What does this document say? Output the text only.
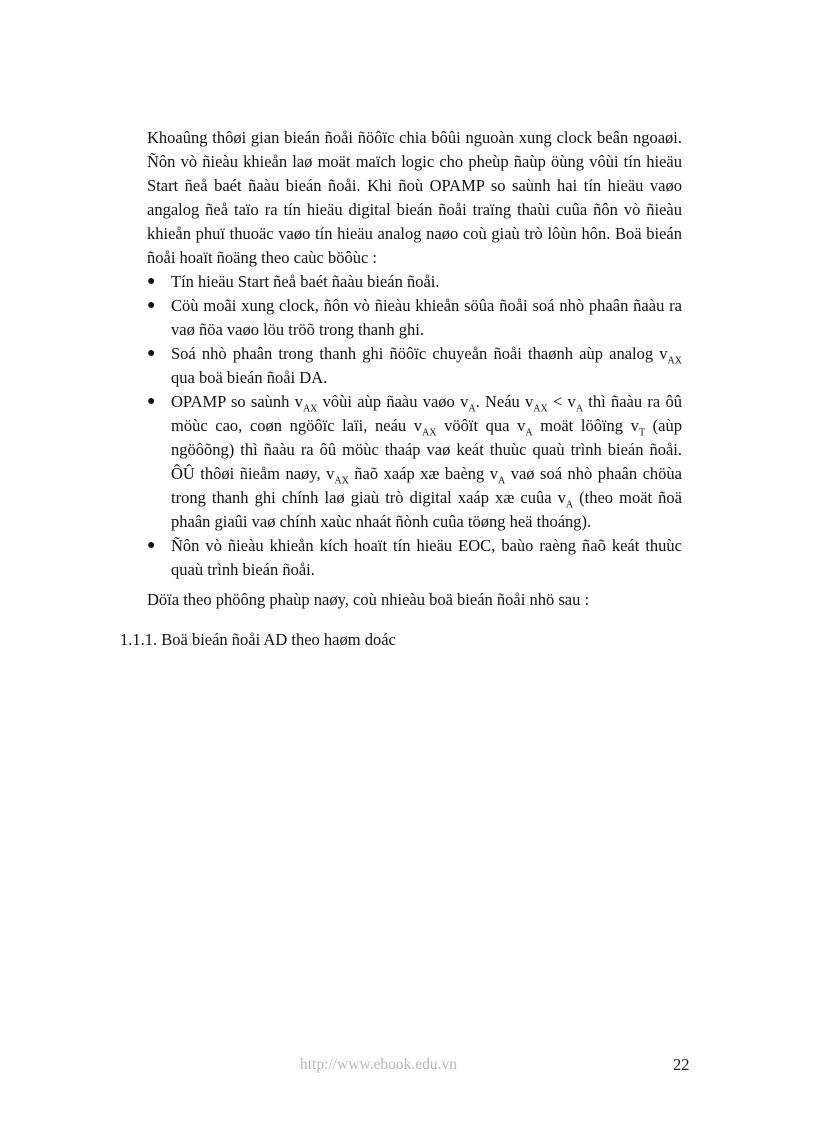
Khoaûng thôøi gian bieán ñoåi ñöôïc chia bôûi nguoàn xung clock beân ngoaøi. Ñôn vò ñieàu khieån laø moät maïch logic cho pheùp ñaùp öùng vôùi tín hieäu Start ñeå baét ñaàu bieán ñoåi. Khi ñoù OPAMP so saùnh hai tín hieäu vaøo angalog ñeå taïo ra tín hieäu digital bieán ñoåi traïng thaùi cuûa ñôn vò ñieàu khieån phuï thuoäc vaøo tín hieäu analog naøo coù giaù trò lôùn hôn. Boä bieán ñoåi hoaït ñoäng theo caùc böôùc :

● Tín hieäu Start ñeå baét ñaàu bieán ñoåi.
● Cöù moãi xung clock, ñôn vò ñieàu khieån söûa ñoåi soá nhò phaân ñaàu ra vaø ñöa vaøo löu tröõ trong thanh ghi.
● Soá nhò phaân trong thanh ghi ñöôïc chuyeån ñoåi thaønh aùp analog $v_{AX}$ qua boä bieán ñoåi DA.
● OPAMP so saùnh $v_{AX}$ vôùi aùp ñaàu vaøo $v_A$. Neáu $v_{AX} < v_A$ thì ñaàu ra ôû möùc cao, coøn ngöôïc laïi, neáu $v_{AX}$ vöôït qua $v_A$ moät löôïng $v_T$ (aùp ngöôõng) thì ñaàu ra ôû möùc thaáp vaø keát thuùc quaù trình bieán ñoåi. ÔÛ thôøi ñieåm naøy, $v_{AX}$ ñaõ xaáp xæ baèng $v_A$ vaø soá nhò phaân chöùa trong thanh ghi chính laø giaù trò digital xaáp xæ cuûa $v_A$ (theo moät ñoä phaân giaûi vaø chính xaùc nhaát ñònh cuûa töøng heä thoáng).
● Ñôn vò ñieàu khieån kích hoaït tín hieäu EOC, baùo raèng ñaõ keát thuùc quaù trình bieán ñoåi.

Döïa theo phöông phaùp naøy, coù nhieàu boä bieán ñoåi nhö sau :

1.1.1. Boä bieán ñoåi AD theo haøm doác
http://www.ebook.edu.vn	22
